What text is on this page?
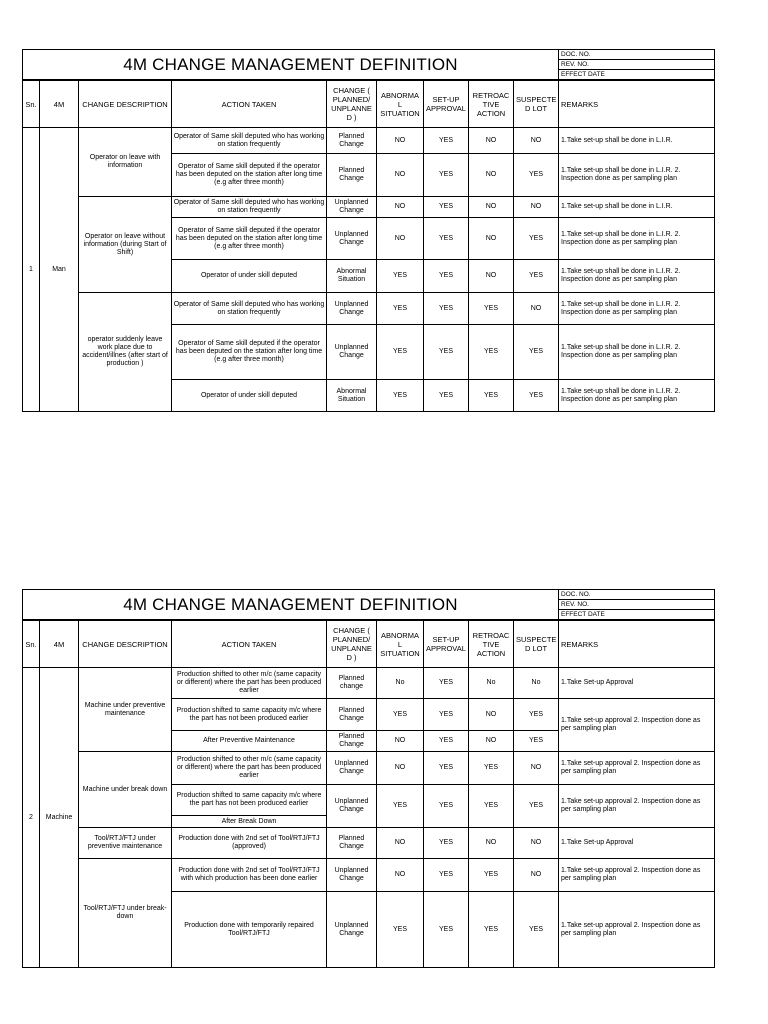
4M CHANGE MANAGEMENT DEFINITION	DOC. NO.
REV. NO.
EFFECT DATE
Sn.	4M	CHANGE DESCRIPTION	ACTION TAKEN	CHANGE ( PLANNED/ UNPLANNE D )	ABNORMA L SITUATION	SET-UP APPROVAL	RETROAC TIVE ACTION	SUSPECTE D LOT	REMARKS
1	Man	Operator on leave with information	Operator of Same skill deputed who has working on station frequently	Planned Change	NO	YES	NO	NO	1.Take set-up shall be done in L.I.R.
			Operator of Same skill deputed if the operator has been deputed on the station after long time (e.g after three month)	Planned Change	NO	YES	NO	YES	1.Take set-up shall be done in L.I.R. 2. Inspection done as per sampling plan
		Operator on leave without information (during Start of Shift)	Operator of Same skill deputed who has working on station frequently	Unplanned Change	NO	YES	NO	NO	1.Take set-up shall be done in L.I.R.
			Operator of Same skill deputed if the operator has been deputed on the station after long time (e.g after three month)	Unplanned Change	NO	YES	NO	YES	1.Take set-up shall be done in L.I.R. 2. Inspection done as per sampling plan
			Operator of under skill deputed	Abnormal Situation	YES	YES	NO	YES	1.Take set-up shall be done in L.I.R. 2. Inspection done as per sampling plan
		operator suddenly leave work place due to accident/illnes (after start of production )	Operator of Same skill deputed who has working on station frequently	Unplanned Change	YES	YES	YES	NO	1.Take set-up shall be done in L.I.R. 2. Inspection done as per sampling plan
			Operator of Same skill deputed if the operator has been deputed on the station after long time (e.g after three month)	Unplanned Change	YES	YES	YES	YES	1.Take set-up shall be done in L.I.R. 2. Inspection done as per sampling plan
			Operator of under skill deputed	Abnormal Situation	YES	YES	YES	YES	1.Take set-up shall be done in L.I.R. 2. Inspection done as per sampling plan
4M CHANGE MANAGEMENT DEFINITION	DOC. NO.
REV. NO.
EFFECT DATE
Sn.	4M	CHANGE DESCRIPTION	ACTION TAKEN	CHANGE ( PLANNED/ UNPLANNE D )	ABNORMA L SITUATION	SET-UP APPROVAL	RETROAC TIVE ACTION	SUSPECTE D LOT	REMARKS
2	Machine	Machine under preventive maintenance	Production shifted to other m/c (same capacity or different) where the part has been produced earlier	Planned change	No	YES	No	No	1.Take Set-up Approval
			Production shifted to same capacity m/c where the part has not been produced earlier	Planned Change	YES	YES	NO	YES	1.Take set-up approval 2. Inspection done as per sampling plan
			After Preventive Maintenance	Planned Change	NO	YES	NO	YES	
		Machine under break down	Production shifted to other m/c (same capacity or different) where the part has been produced earlier	Unplanned Change	NO	YES	YES	NO	1.Take set-up approval 2. Inspection done as per sampling plan
			Production shifted to same capacity m/c where the part has not been produced earlier	Unplanned Change	YES	YES	YES	YES	1.Take set-up approval 2. Inspection done as per sampling plan
			After Break Down						
		Tool/RTJ/FTJ under preventive maintenance	Production done with 2nd set of Tool/RTJ/FTJ (approved)	Planned Change	NO	YES	NO	NO	1.Take Set-up Approval
		Tool/RTJ/FTJ under break-down	Production done with 2nd set of Tool/RTJ/FTJ with which production has been done earlier	Unplanned Change	NO	YES	YES	NO	1.Take set-up approval 2. Inspection done as per sampling plan
			Production done with temporarily repaired Tool/RTJ/FTJ	Unplanned Change	YES	YES	YES	YES	1.Take set-up approval 2. Inspection done as per sampling plan
